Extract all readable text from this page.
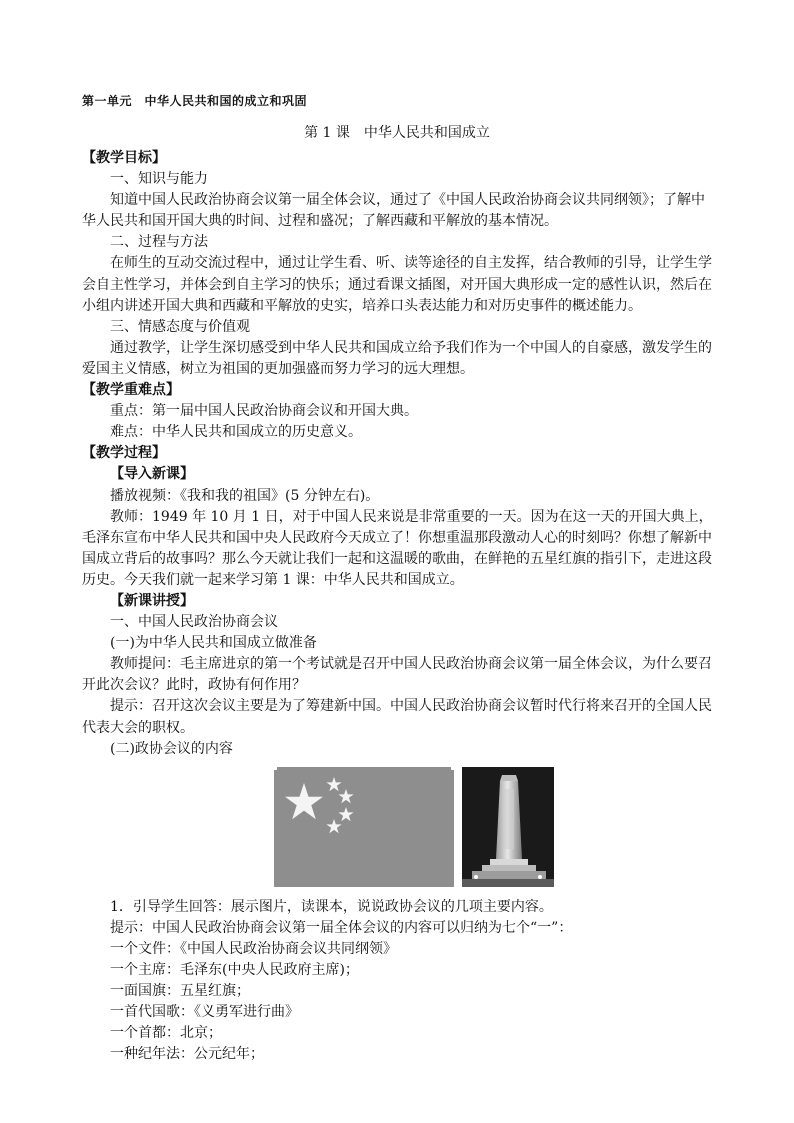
第一单元　中华人民共和国的成立和巩固
第 1 课　中华人民共和国成立

【教学目标】

一、知识与能力

知道中国人民政治协商会议第一届全体会议，通过了《中国人民政治协商会议共同纲领》；了解中华人民共和国开国大典的时间、过程和盛况；了解西藏和平解放的基本情况。

二、过程与方法

在师生的互动交流过程中，通过让学生看、听、读等途径的自主发挥，结合教师的引导，让学生学会自主性学习，并体会到自主学习的快乐；通过看课文插图，对开国大典形成一定的感性认识，然后在小组内讲述开国大典和西藏和平解放的史实，培养口头表达能力和对历史事件的概述能力。

三、情感态度与价值观

通过教学，让学生深切感受到中华人民共和国成立给予我们作为一个中国人的自豪感，激发学生的爱国主义情感，树立为祖国的更加强盛而努力学习的远大理想。

【教学重难点】

重点：第一届中国人民政治协商会议和开国大典。

难点：中华人民共和国成立的历史意义。

【教学过程】

【导入新课】

播放视频：《我和我的祖国》(5 分钟左右)。

教师：1949 年 10 月 1 日，对于中国人民来说是非常重要的一天。因为在这一天的开国大典上，毛泽东宣布中华人民共和国中央人民政府今天成立了！你想重温那段激动人心的时刻吗？你想了解新中国成立背后的故事吗？那么今天就让我们一起和这温暖的歌曲，在鲜艳的五星红旗的指引下，走进这段历史。今天我们就一起来学习第 1 课：中华人民共和国成立。

【新课讲授】

一、中国人民政治协商会议

(一)为中华人民共和国成立做准备

教师提问：毛主席进京的第一个考试就是召开中国人民政治协商会议第一届全体会议，为什么要召开此次会议？此时，政协有何作用？

提示：召开这次会议主要是为了筹建新中国。中国人民政治协商会议暂时代行将来召开的全国人民代表大会的职权。

(二)政协会议的内容

1．引导学生回答：展示图片，读课本，说说政协会议的几项主要内容。

提示：中国人民政治协商会议第一届全体会议的内容可以归纳为七个“一”：

一个文件：《中国人民政治协商会议共同纲领》

一个主席：毛泽东(中央人民政府主席)；

一面国旗：五星红旗；

一首代国歌：《义勇军进行曲》

一个首都：北京；

一种纪年法：公元纪年；
